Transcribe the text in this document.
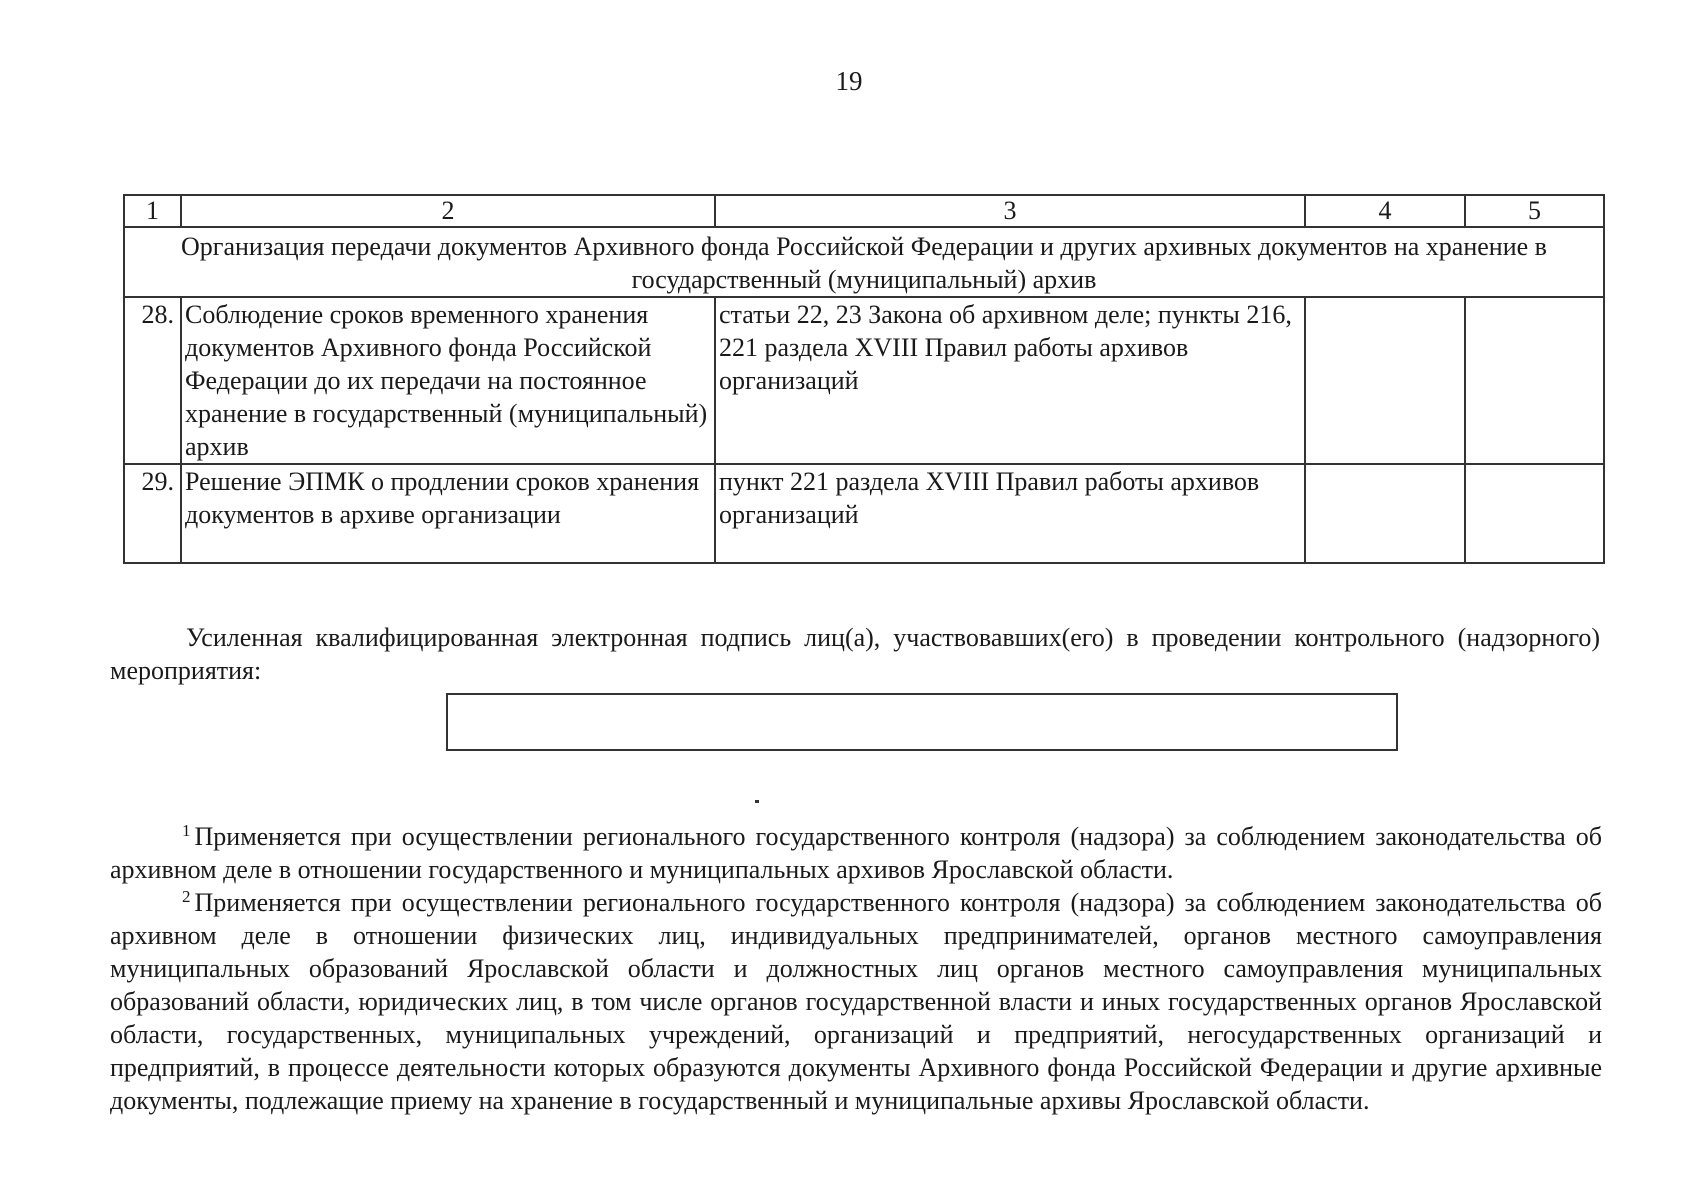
19
1	2	3	4	5
Организация передачи документов Архивного фонда Российской Федерации и других архивных документов на хранение в государственный (муниципальный) архив				
28.	Соблюдение сроков временного хранения документов Архивного фонда Российской Федерации до их передачи на постоянное хранение в государственный (муниципальный) архив	статьи 22, 23 Закона об архивном деле; пункты 216, 221 раздела XVIII Правил работы архивов организаций		
29.	Решение ЭПМК о продлении сроков хранения документов в архиве организации	пункт 221 раздела XVIII Правил работы архивов организаций		

Усиленная квалифицированная электронная подпись лиц(а), участвовавших(его) в проведении контрольного (надзорного) мероприятия:

$^1$ Применяется при осуществлении регионального государственного контроля (надзора) за соблюдением законодательства об архивном деле в отношении государственного и муниципальных архивов Ярославской области.

$^2$ Применяется при осуществлении регионального государственного контроля (надзора) за соблюдением законодательства об архивном деле в отношении физических лиц, индивидуальных предпринимателей, органов местного самоуправления муниципальных образований Ярославской области и должностных лиц органов местного самоуправления муниципальных образований области, юридических лиц, в том числе органов государственной власти и иных государственных органов Ярославской области, государственных, муниципальных учреждений, организаций и предприятий, негосударственных организаций и предприятий, в процессе деятельности которых образуются документы Архивного фонда Российской Федерации и другие архивные документы, подлежащие приему на хранение в государственный и муниципальные архивы Ярославской области.
